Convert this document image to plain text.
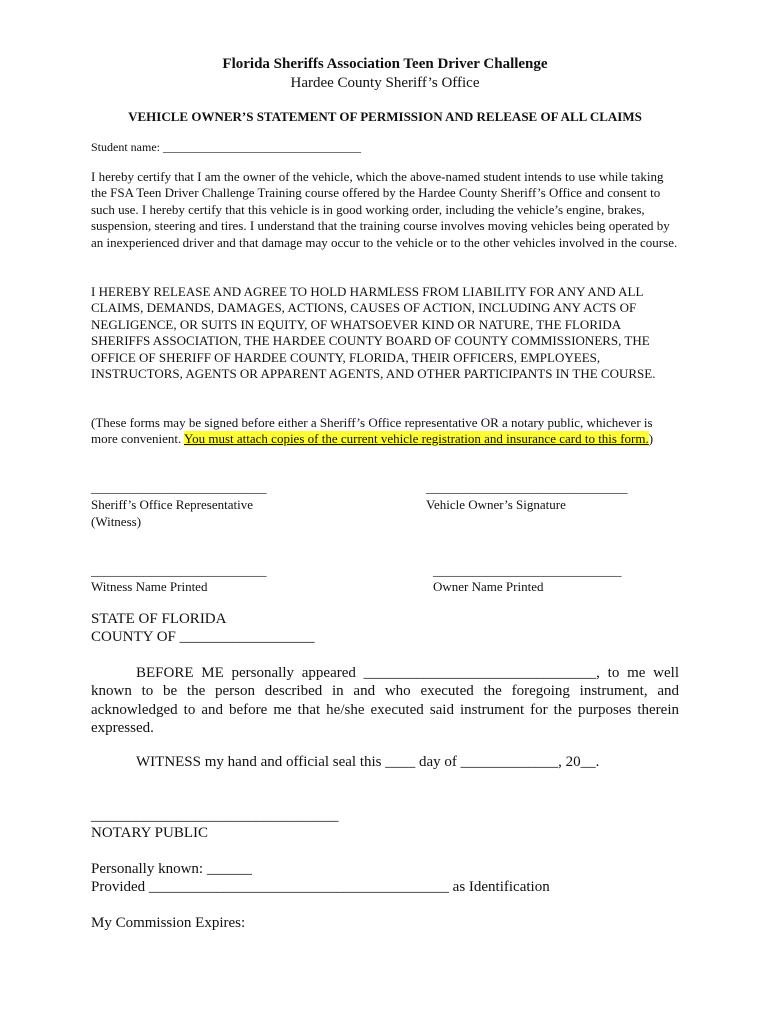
Florida Sheriffs Association Teen Driver Challenge
Hardee County Sheriff’s Office
VEHICLE OWNER’S STATEMENT OF PERMISSION AND RELEASE OF ALL CLAIMS
Student name: _________________________________
I hereby certify that I am the owner of the vehicle, which the above-named student intends to use while taking the FSA Teen Driver Challenge Training course offered by the Hardee County Sheriff’s Office and consent to such use. I hereby certify that this vehicle is in good working order, including the vehicle’s engine, brakes, suspension, steering and tires. I understand that the training course involves moving vehicles being operated by an inexperienced driver and that damage may occur to the vehicle or to the other vehicles involved in the course.
I HEREBY RELEASE AND AGREE TO HOLD HARMLESS FROM LIABILITY FOR ANY AND ALL CLAIMS, DEMANDS, DAMAGES, ACTIONS, CAUSES OF ACTION, INCLUDING ANY ACTS OF NEGLIGENCE, OR SUITS IN EQUITY, OF WHATSOEVER KIND OR NATURE, THE FLORIDA SHERIFFS ASSOCIATION, THE HARDEE COUNTY BOARD OF COUNTY COMMISSIONERS, THE OFFICE OF SHERIFF OF HARDEE COUNTY, FLORIDA, THEIR OFFICERS, EMPLOYEES, INSTRUCTORS, AGENTS OR APPARENT AGENTS, AND OTHER PARTICIPANTS IN THE COURSE.
(These forms may be signed before either a Sheriff’s Office representative OR a notary public, whichever is more convenient. You must attach copies of the current vehicle registration and insurance card to this form.)
___________________________
Sheriff’s Office Representative
(Witness)
_______________________________
Vehicle Owner’s Signature
___________________________
Witness Name Printed
_____________________________
Owner Name Printed
STATE OF FLORIDA
COUNTY OF __________________
BEFORE ME personally appeared _______________________________, to me well known to be the person described in and who executed the foregoing instrument, and acknowledged to and before me that he/she executed said instrument for the purposes therein expressed.
WITNESS my hand and official seal this ____ day of _____________, 20__.
_________________________________
NOTARY PUBLIC
Personally known: ______
Provided ________________________________________ as Identification
My Commission Expires:
